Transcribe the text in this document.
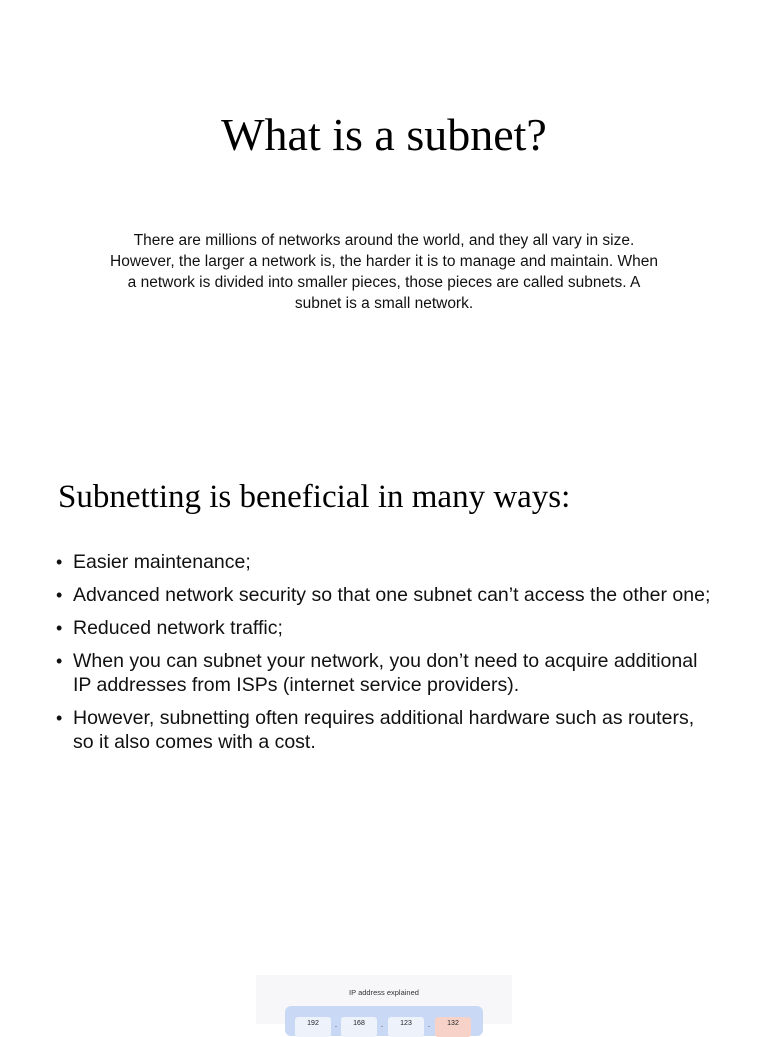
What is a subnet?
There are millions of networks around the world, and they all vary in size. However, the larger a network is, the harder it is to manage and maintain. When a network is divided into smaller pieces, those pieces are called subnets. A subnet is a small network.
Subnetting is beneficial in many ways:
• Easier maintenance;
• Advanced network security so that one subnet can’t access the other one;
• Reduced network traffic;
• When you can subnet your network, you don’t need to acquire additional IP addresses from ISPs (internet service providers).
• However, subnetting often requires additional hardware such as routers, so it also comes with a cost.
IP address explained
192	.	168	.	123	.	132
